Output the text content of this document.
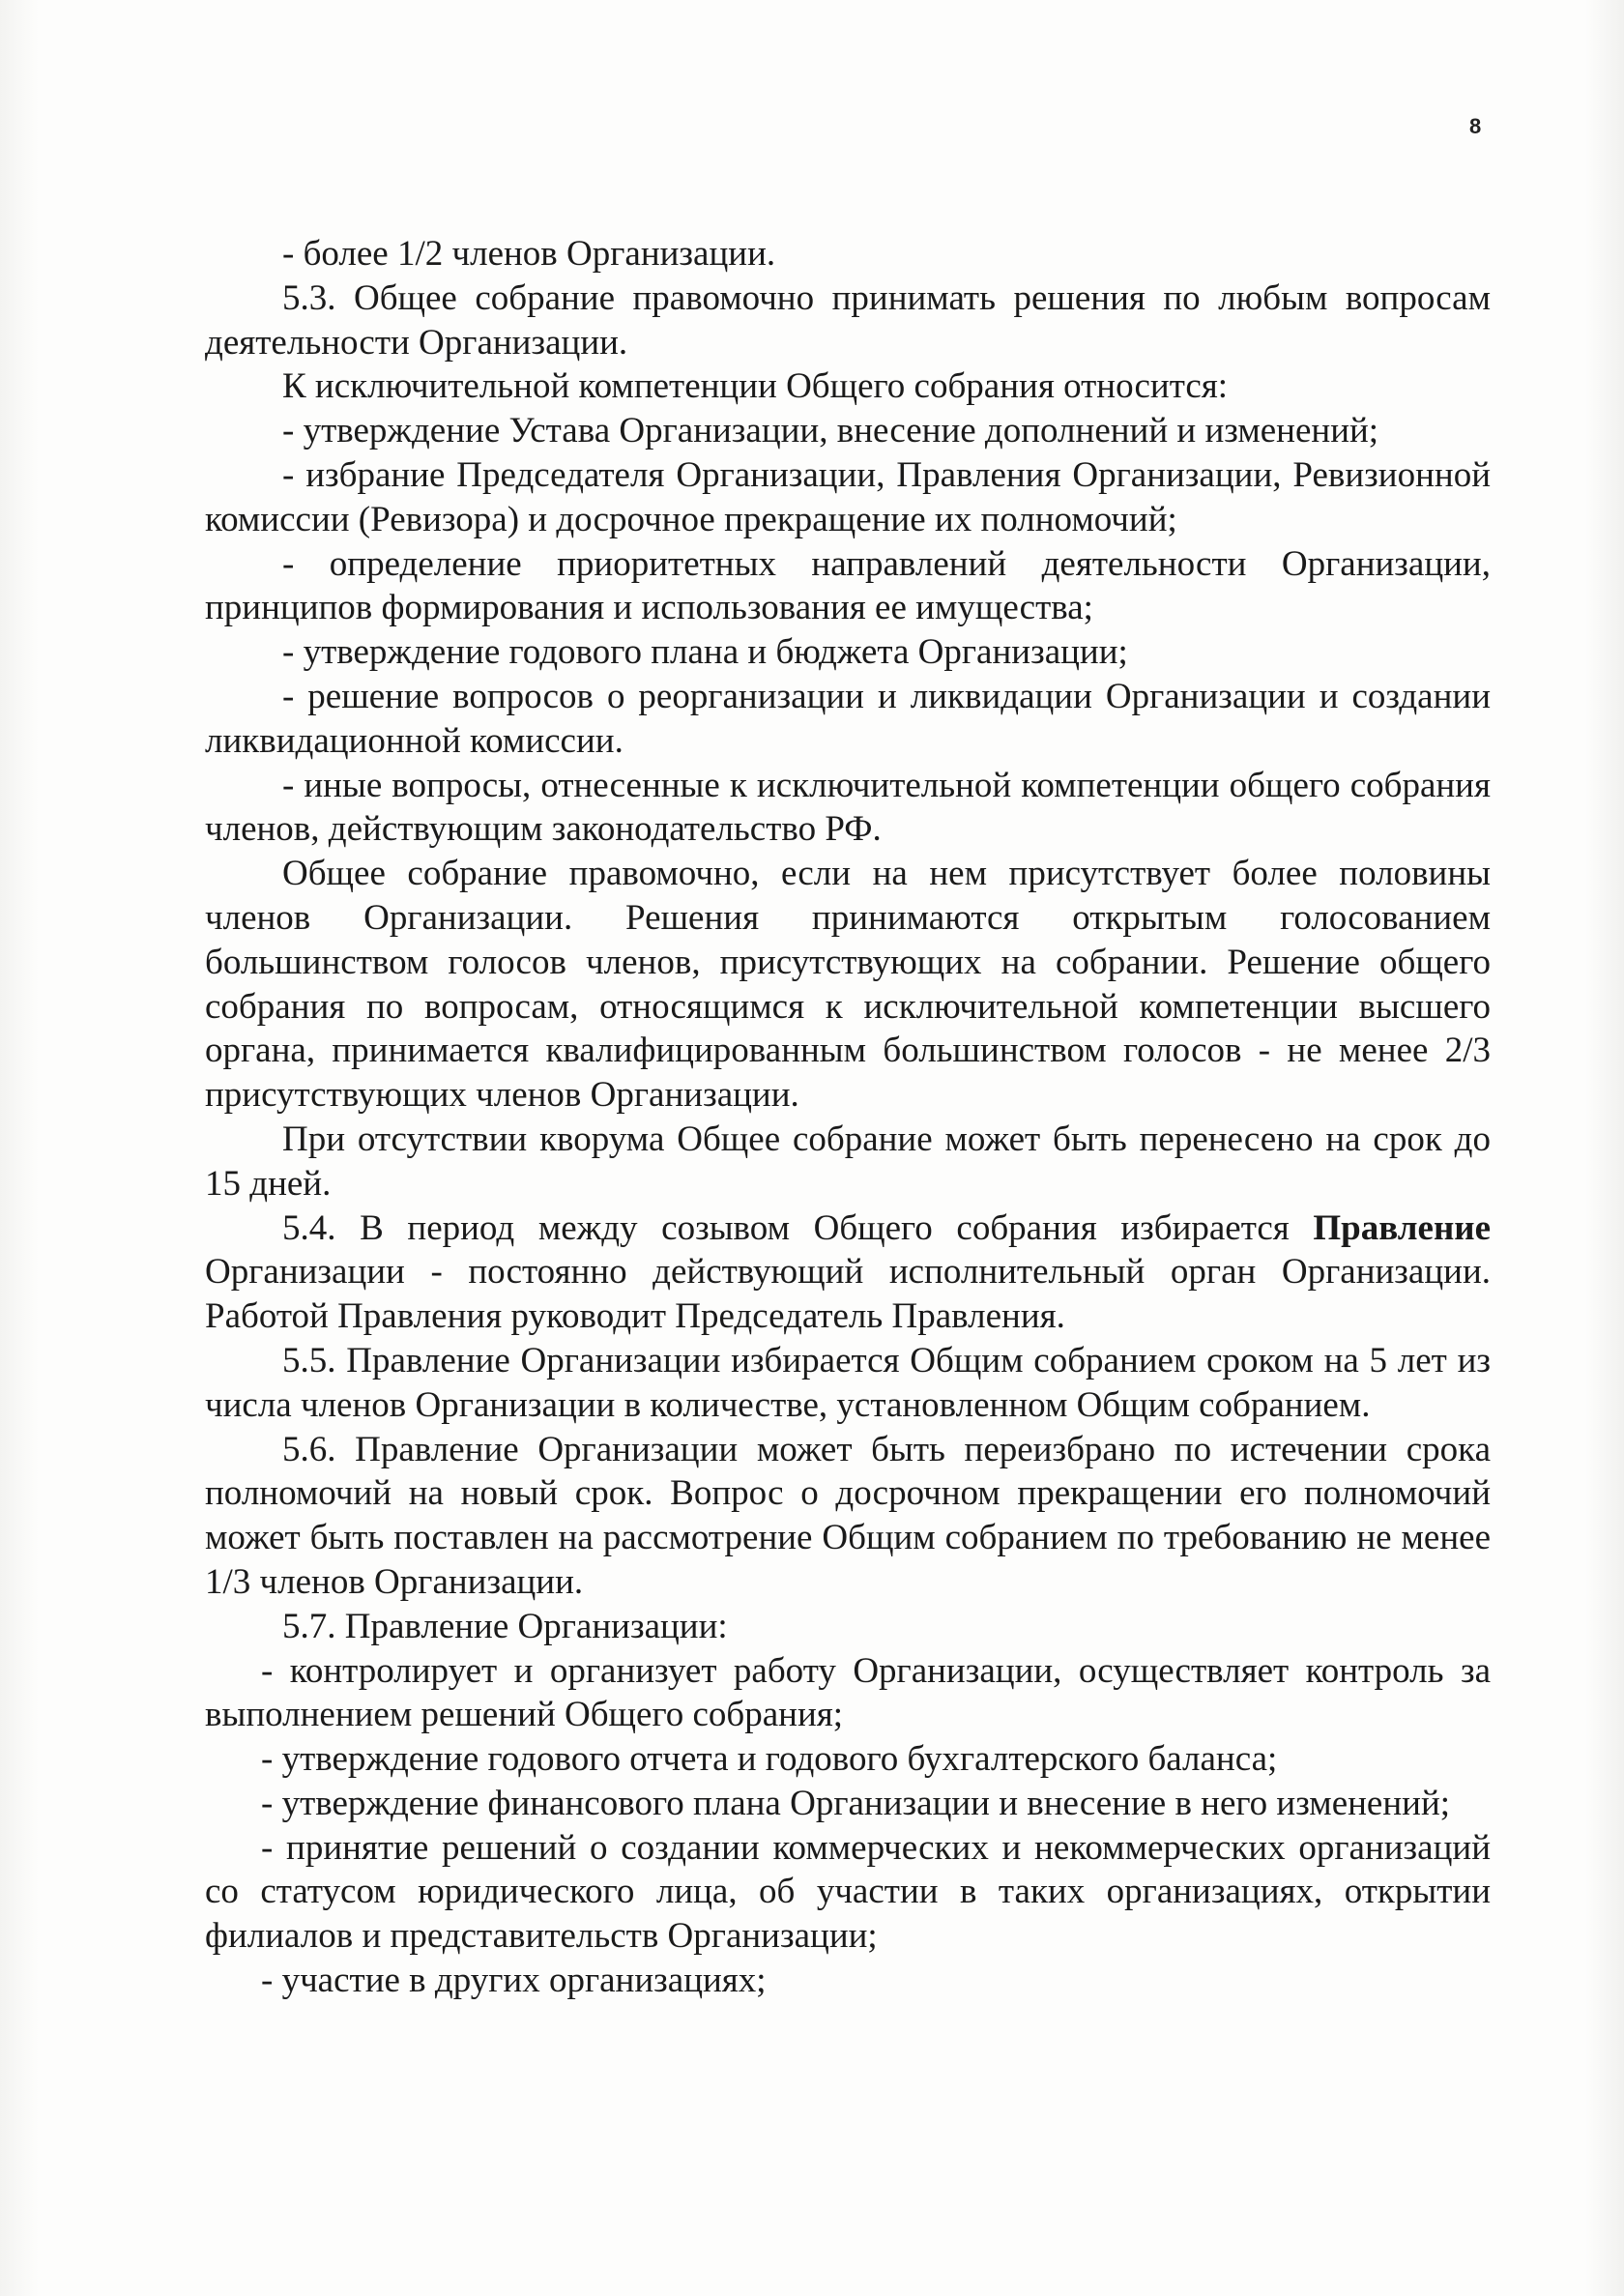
8

- более 1/2 членов Организации.

5.3. Общее собрание правомочно принимать решения по любым вопросам деятельности Организации.

К исключительной компетенции Общего собрания относится:

- утверждение Устава Организации, внесение дополнений и изменений;

- избрание Председателя Организации, Правления Организации, Ревизионной комиссии (Ревизора) и досрочное прекращение их полномочий;

- определение приоритетных направлений деятельности Организации, принципов формирования и использования ее имущества;

- утверждение годового плана и бюджета Организации;

- решение вопросов о реорганизации и ликвидации Организации и создании ликвидационной комиссии.

- иные вопросы, отнесенные к исключительной компетенции общего собрания членов, действующим законодательство РФ.

Общее собрание правомочно, если на нем присутствует более половины членов Организации. Решения принимаются открытым голосованием большинством голосов членов, присутствующих на собрании. Решение общего собрания по вопросам, относящимся к исключительной компетенции высшего органа, принимается квалифицированным большинством голосов - не менее 2/3 присутствующих членов Организации.

При отсутствии кворума Общее собрание может быть перенесено на срок до 15 дней.

5.4. В период между созывом Общего собрания избирается Правление Организации - постоянно действующий исполнительный орган Организации. Работой Правления руководит Председатель Правления.

5.5. Правление Организации избирается Общим собранием сроком на 5 лет из числа членов Организации в количестве, установленном Общим собранием.

5.6. Правление Организации может быть переизбрано по истечении срока полномочий на новый срок. Вопрос о досрочном прекращении его полномочий может быть поставлен на рассмотрение Общим собранием по требованию не менее 1/3 членов Организации.

5.7. Правление Организации:

- контролирует и организует работу Организации, осуществляет контроль за выполнением решений Общего собрания;

- утверждение годового отчета и годового бухгалтерского баланса;

- утверждение финансового плана Организации и внесение в него изменений;

- принятие решений о создании коммерческих и некоммерческих организаций со статусом юридического лица, об участии в таких организациях, открытии филиалов и представительств Организации;

- участие в других организациях;
